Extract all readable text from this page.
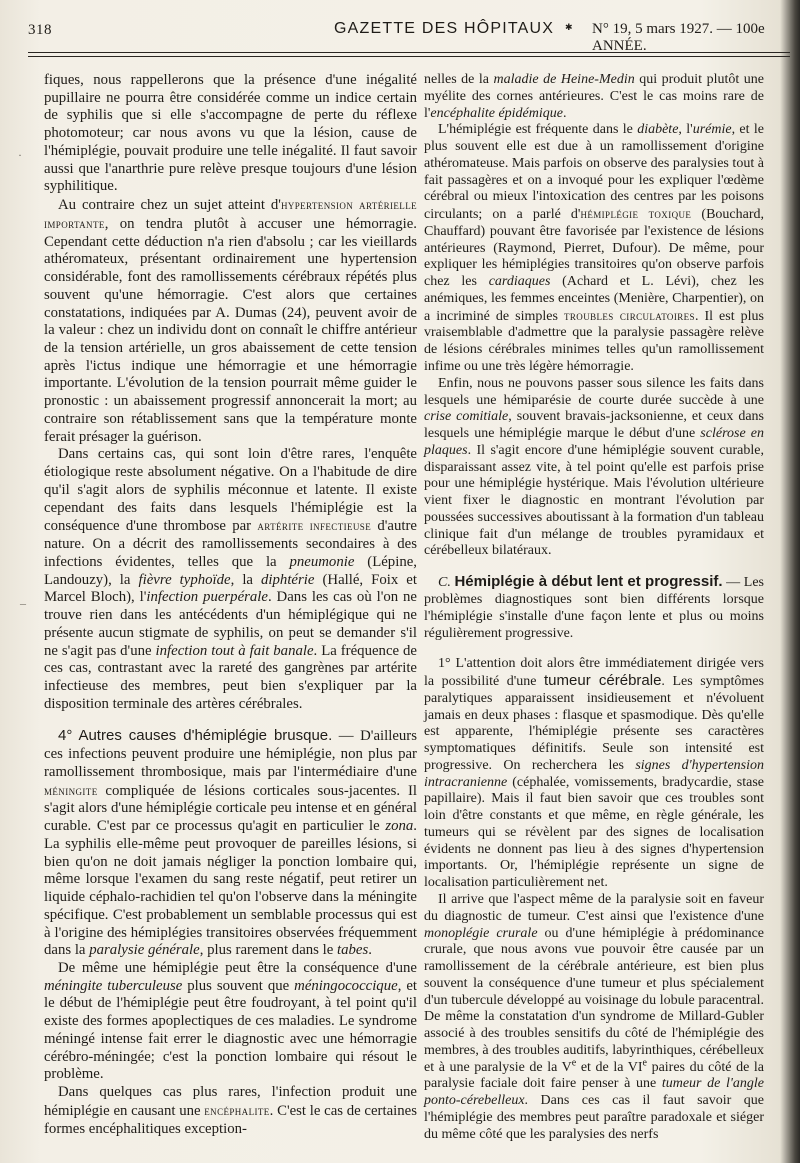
318	GAZETTE DES HÔPITAUX ✱ N° 19, 5 mars 1927. — 100e ANNÉE.

fiques, nous rappellerons que la présence d'une inégalité pupillaire ne pourra être considérée comme un indice certain de syphilis que si elle s'accompagne de perte du réflexe photomoteur; car nous avons vu que la lésion, cause de l'hémiplégie, pouvait produire une telle inégalité. Il faut savoir aussi que l'anarthrie pure relève presque toujours d'une lésion syphilitique.

Au contraire chez un sujet atteint d'hypertension artérielle importante, on tendra plutôt à accuser une hémorragie. Cependant cette déduction n'a rien d'absolu ; car les vieillards athéromateux, présentant ordinairement une hypertension considérable, font des ramollissements cérébraux répétés plus souvent qu'une hémorragie. C'est alors que certaines constatations, indiquées par A. Dumas (24), peuvent avoir de la valeur : chez un individu dont on connaît le chiffre antérieur de la tension artérielle, un gros abaissement de cette tension après l'ictus indique une hémorragie et une hémorragie importante. L'évolution de la tension pourrait même guider le pronostic : un abaissement progressif annoncerait la mort; au contraire son rétablissement sans que la température monte ferait présager la guérison.

Dans certains cas, qui sont loin d'être rares, l'enquête étiologique reste absolument négative. On a l'habitude de dire qu'il s'agit alors de syphilis méconnue et latente. Il existe cependant des faits dans lesquels l'hémiplégie est la conséquence d'une thrombose par artérite infectieuse d'autre nature. On a décrit des ramollissements secondaires à des infections évidentes, telles que la pneumonie (Lépine, Landouzy), la fièvre typhoïde, la diphtérie (Hallé, Foix et Marcel Bloch), l'infection puerpérale. Dans les cas où l'on ne trouve rien dans les antécédents d'un hémiplégique qui ne présente aucun stigmate de syphilis, on peut se demander s'il ne s'agit pas d'une infection tout à fait banale. La fréquence de ces cas, contrastant avec la rareté des gangrènes par artérite infectieuse des membres, peut bien s'expliquer par la disposition terminale des artères cérébrales.

4° Autres causes d'hémiplégie brusque. — D'ailleurs ces infections peuvent produire une hémiplégie, non plus par ramollissement thrombosique, mais par l'intermédiaire d'une méningite compliquée de lésions corticales sous-jacentes. Il s'agit alors d'une hémiplégie corticale peu intense et en général curable. C'est par ce processus qu'agit en particulier le zona. La syphilis elle-même peut provoquer de pareilles lésions, si bien qu'on ne doit jamais négliger la ponction lombaire qui, même lorsque l'examen du sang reste négatif, peut retirer un liquide céphalo-rachidien tel qu'on l'observe dans la méningite spécifique. C'est probablement un semblable processus qui est à l'origine des hémiplégies transitoires observées fréquemment dans la paralysie générale, plus rarement dans le tabes.

De même une hémiplégie peut être la conséquence d'une méningite tuberculeuse plus souvent que méningococcique, et le début de l'hémiplégie peut être foudroyant, à tel point qu'il existe des formes apoplectiques de ces maladies. Le syndrome méningé intense fait errer le diagnostic avec une hémorragie cérébro-méningée; c'est la ponction lombaire qui résout le problème.

Dans quelques cas plus rares, l'infection produit une hémiplégie en causant une encéphalite. C'est le cas de certaines formes encéphalitiques exception-

nelles de la maladie de Heine-Medin qui produit plutôt une myélite des cornes antérieures. C'est le cas moins rare de l'encéphalite épidémique.

L'hémiplégie est fréquente dans le diabète, l'urémie, et le plus souvent elle est due à un ramollissement d'origine athéromateuse. Mais parfois on observe des paralysies tout à fait passagères et on a invoqué pour les expliquer l'œdème cérébral ou mieux l'intoxication des centres par les poisons circulants; on a parlé d'hémiplégie toxique (Bouchard, Chauffard) pouvant être favorisée par l'existence de lésions antérieures (Raymond, Pierret, Dufour). De même, pour expliquer les hémiplégies transitoires qu'on observe parfois chez les cardiaques (Achard et L. Lévi), chez les anémiques, les femmes enceintes (Menière, Charpentier), on a incriminé de simples troubles circulatoires. Il est plus vraisemblable d'admettre que la paralysie passagère relève de lésions cérébrales minimes telles qu'un ramollissement infime ou une très légère hémorragie.

Enfin, nous ne pouvons passer sous silence les faits dans lesquels une hémiparésie de courte durée succède à une crise comitiale, souvent bravais-jacksonienne, et ceux dans lesquels une hémiplégie marque le début d'une sclérose en plaques. Il s'agit encore d'une hémiplégie souvent curable, disparaissant assez vite, à tel point qu'elle est parfois prise pour une hémiplégie hystérique. Mais l'évolution ultérieure vient fixer le diagnostic en montrant l'évolution par poussées successives aboutissant à la formation d'un tableau clinique fait d'un mélange de troubles pyramidaux et cérébelleux bilatéraux.

C. Hémiplégie à début lent et progressif. — Les problèmes diagnostiques sont bien différents lorsque l'hémiplégie s'installe d'une façon lente et plus ou moins régulièrement progressive.

1° L'attention doit alors être immédiatement dirigée vers la possibilité d'une tumeur cérébrale. Les symptômes paralytiques apparaissent insidieusement et n'évoluent jamais en deux phases : flasque et spasmodique. Dès qu'elle est apparente, l'hémiplégie présente ses caractères symptomatiques définitifs. Seule son intensité est progressive. On recherchera les signes d'hypertension intracranienne (céphalée, vomissements, bradycardie, stase papillaire). Mais il faut bien savoir que ces troubles sont loin d'être constants et que même, en règle générale, les tumeurs qui se révèlent par des signes de localisation évidents ne donnent pas lieu à des signes d'hypertension importants. Or, l'hémiplégie représente un signe de localisation particulièrement net.

Il arrive que l'aspect même de la paralysie soit en faveur du diagnostic de tumeur. C'est ainsi que l'existence d'une monoplégie crurale ou d'une hémiplégie à prédominance crurale, que nous avons vue pouvoir être causée par un ramollissement de la cérébrale antérieure, est bien plus souvent la conséquence d'une tumeur et plus spécialement d'un tubercule développé au voisinage du lobule paracentral. De même la constatation d'un syndrome de Millard-Gubler associé à des troubles sensitifs du côté de l'hémiplégie des membres, à des troubles auditifs, labyrinthiques, cérébelleux et à une paralysie de la Ve et de la VIe paires du côté de la paralysie faciale doit faire penser à une tumeur de l'angle ponto-cérebelleux. Dans ces cas il faut savoir que l'hémiplégie des membres peut paraître paradoxale et siéger du même côté que les paralysies des nerfs

·
–
